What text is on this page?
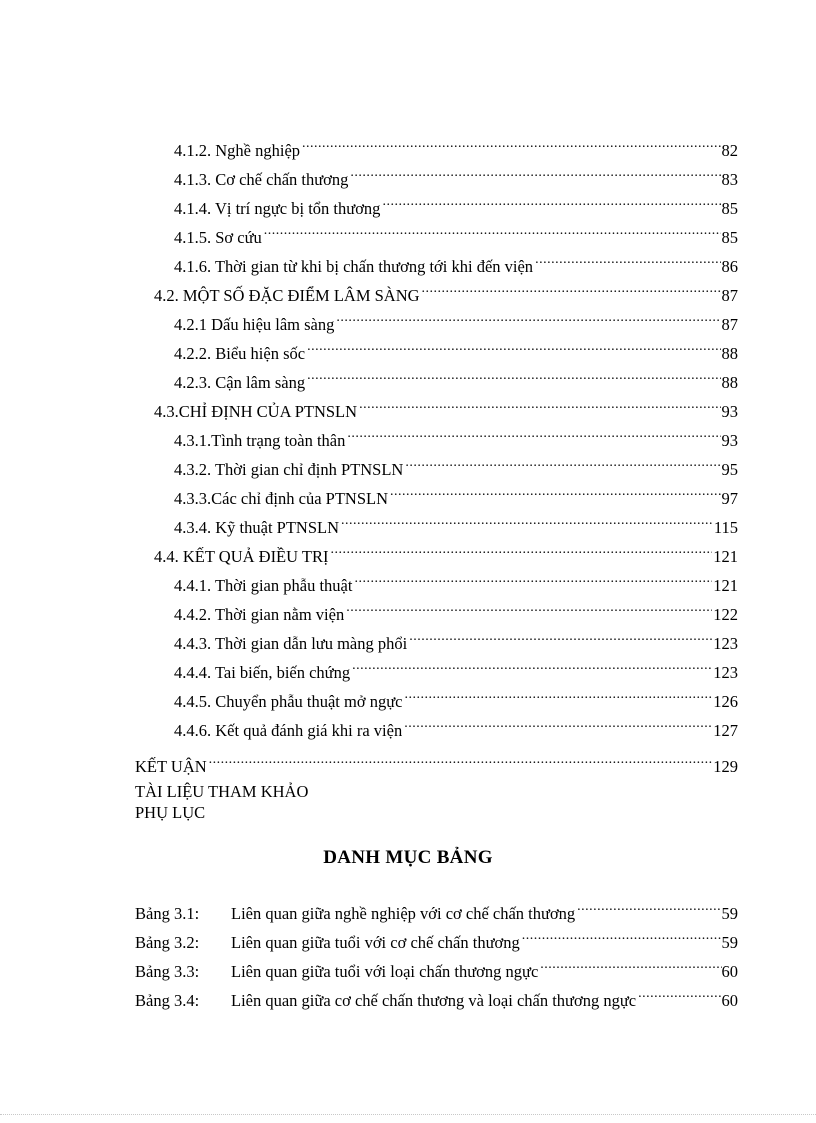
4.1.2. Nghề nghiệp .....	82
4.1.3. Cơ chế chấn thương .....	83
4.1.4. Vị trí ngực bị tổn thương .....	85
4.1.5. Sơ cứu .....	85
4.1.6. Thời gian từ khi bị chấn thương tới khi đến viện .....	86
4.2. MỘT SỐ ĐẶC ĐIỂM LÂM SÀNG .....	87
4.2.1 Dấu hiệu lâm sàng .....	87
4.2.2. Biểu hiện sốc .....	88
4.2.3. Cận lâm sàng .....	88
4.3.CHỈ ĐỊNH CỦA PTNSLN .....	93
4.3.1.Tình trạng toàn thân .....	93
4.3.2. Thời gian chỉ định PTNSLN .....	95
4.3.3.Các chỉ định của PTNSLN .....	97
4.3.4. Kỹ thuật PTNSLN .....	115
4.4. KẾT QUẢ ĐIỀU TRỊ .....	121
4.4.1. Thời gian phẫu thuật .....	121
4.4.2. Thời gian nằm viện .....	122
4.4.3. Thời gian dẫn lưu màng phổi .....	123
4.4.4. Tai biến, biến chứng .....	123
4.4.5. Chuyển phẫu thuật mở ngực .....	126
4.4.6. Kết quả đánh giá khi ra viện .....	127
KẾT UẬN .....	129
TÀI LIỆU THAM KHẢO
PHỤ LỤC
DANH MỤC BẢNG
Bảng 3.1:	Liên quan giữa nghề nghiệp với cơ chế chấn thương .....	59
Bảng 3.2:	Liên quan giữa tuổi với cơ chế chấn thương .....	59
Bảng 3.3:	Liên quan giữa tuổi với loại chấn thương ngực .....	60
Bảng 3.4:	Liên quan giữa cơ chế chấn thương và loại chấn thương ngực .....	60
